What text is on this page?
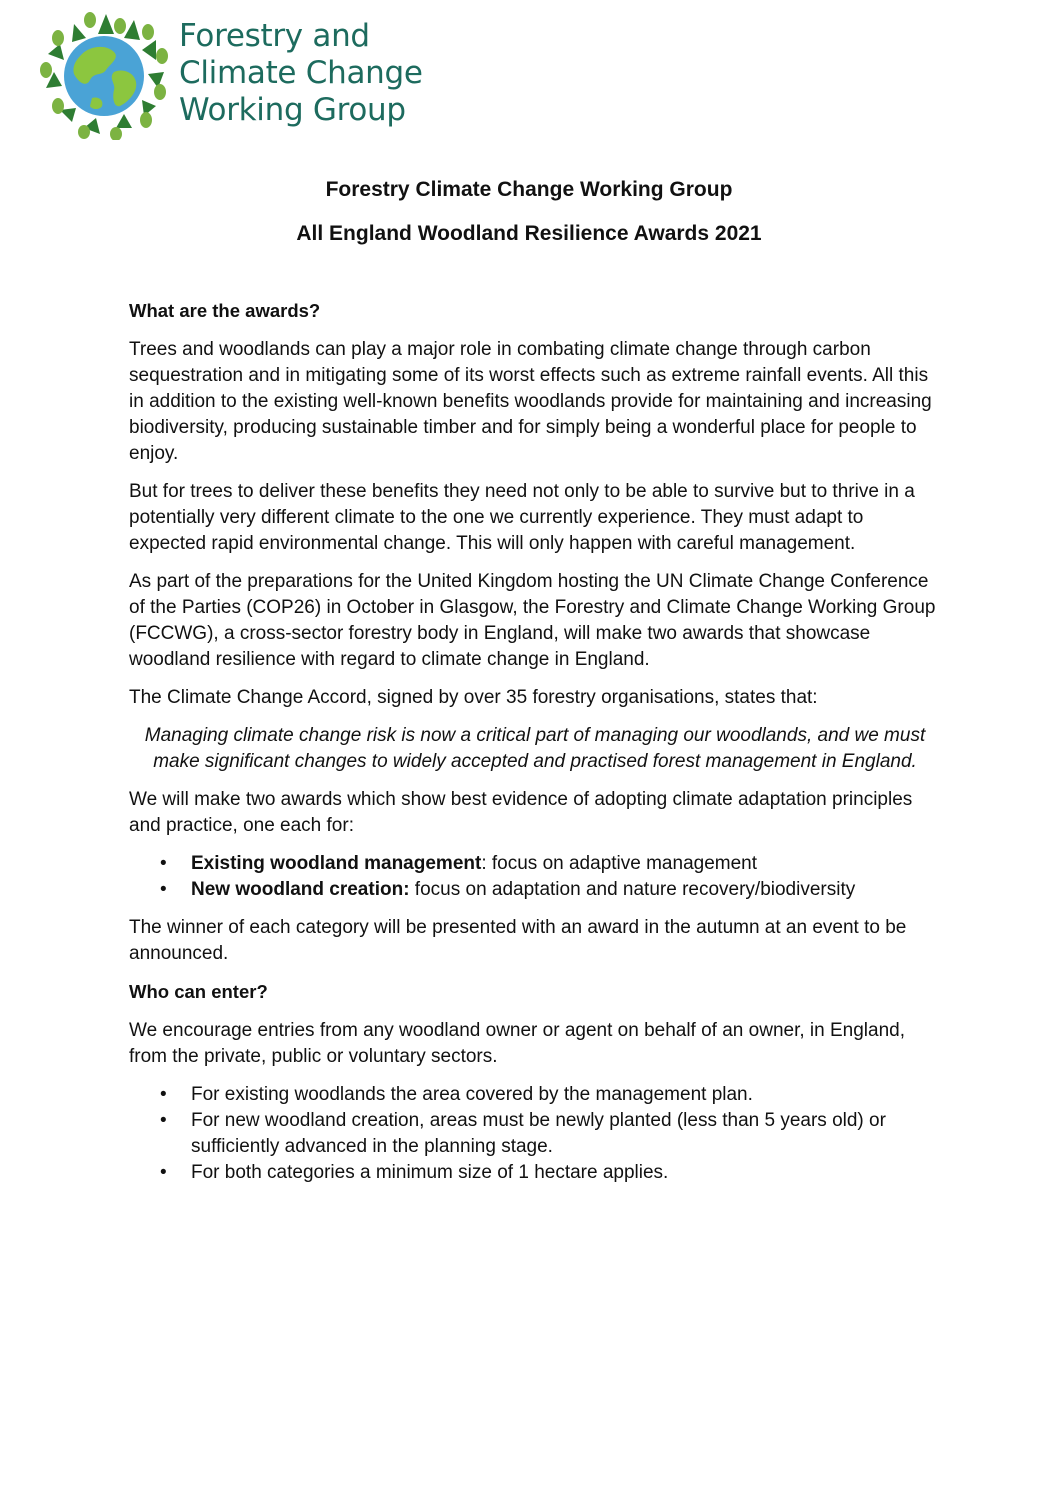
Forestry and
Climate Change
Working Group
Forestry Climate Change Working Group
All England Woodland Resilience Awards 2021
What are the awards?

Trees and woodlands can play a major role in combating climate change through carbon sequestration and in mitigating some of its worst effects such as extreme rainfall events. All this in addition to the existing well-known benefits woodlands provide for maintaining and increasing biodiversity, producing sustainable timber and for simply being a wonderful place for people to enjoy.

But for trees to deliver these benefits they need not only to be able to survive but to thrive in a potentially very different climate to the one we currently experience. They must adapt to expected rapid environmental change. This will only happen with careful management.

As part of the preparations for the United Kingdom hosting the UN Climate Change Conference of the Parties (COP26) in October in Glasgow, the Forestry and Climate Change Working Group (FCCWG), a cross-sector forestry body in England, will make two awards that showcase woodland resilience with regard to climate change in England.

The Climate Change Accord, signed by over 35 forestry organisations, states that:

Managing climate change risk is now a critical part of managing our woodlands, and we must make significant changes to widely accepted and practised forest management in England.

We will make two awards which show best evidence of adopting climate adaptation principles and practice, one each for:

• Existing woodland management: focus on adaptive management
• New woodland creation: focus on adaptation and nature recovery/biodiversity

The winner of each category will be presented with an award in the autumn at an event to be announced.

Who can enter?

We encourage entries from any woodland owner or agent on behalf of an owner, in England, from the private, public or voluntary sectors.

• For existing woodlands the area covered by the management plan.
• For new woodland creation, areas must be newly planted (less than 5 years old) or sufficiently advanced in the planning stage.
• For both categories a minimum size of 1 hectare applies.
